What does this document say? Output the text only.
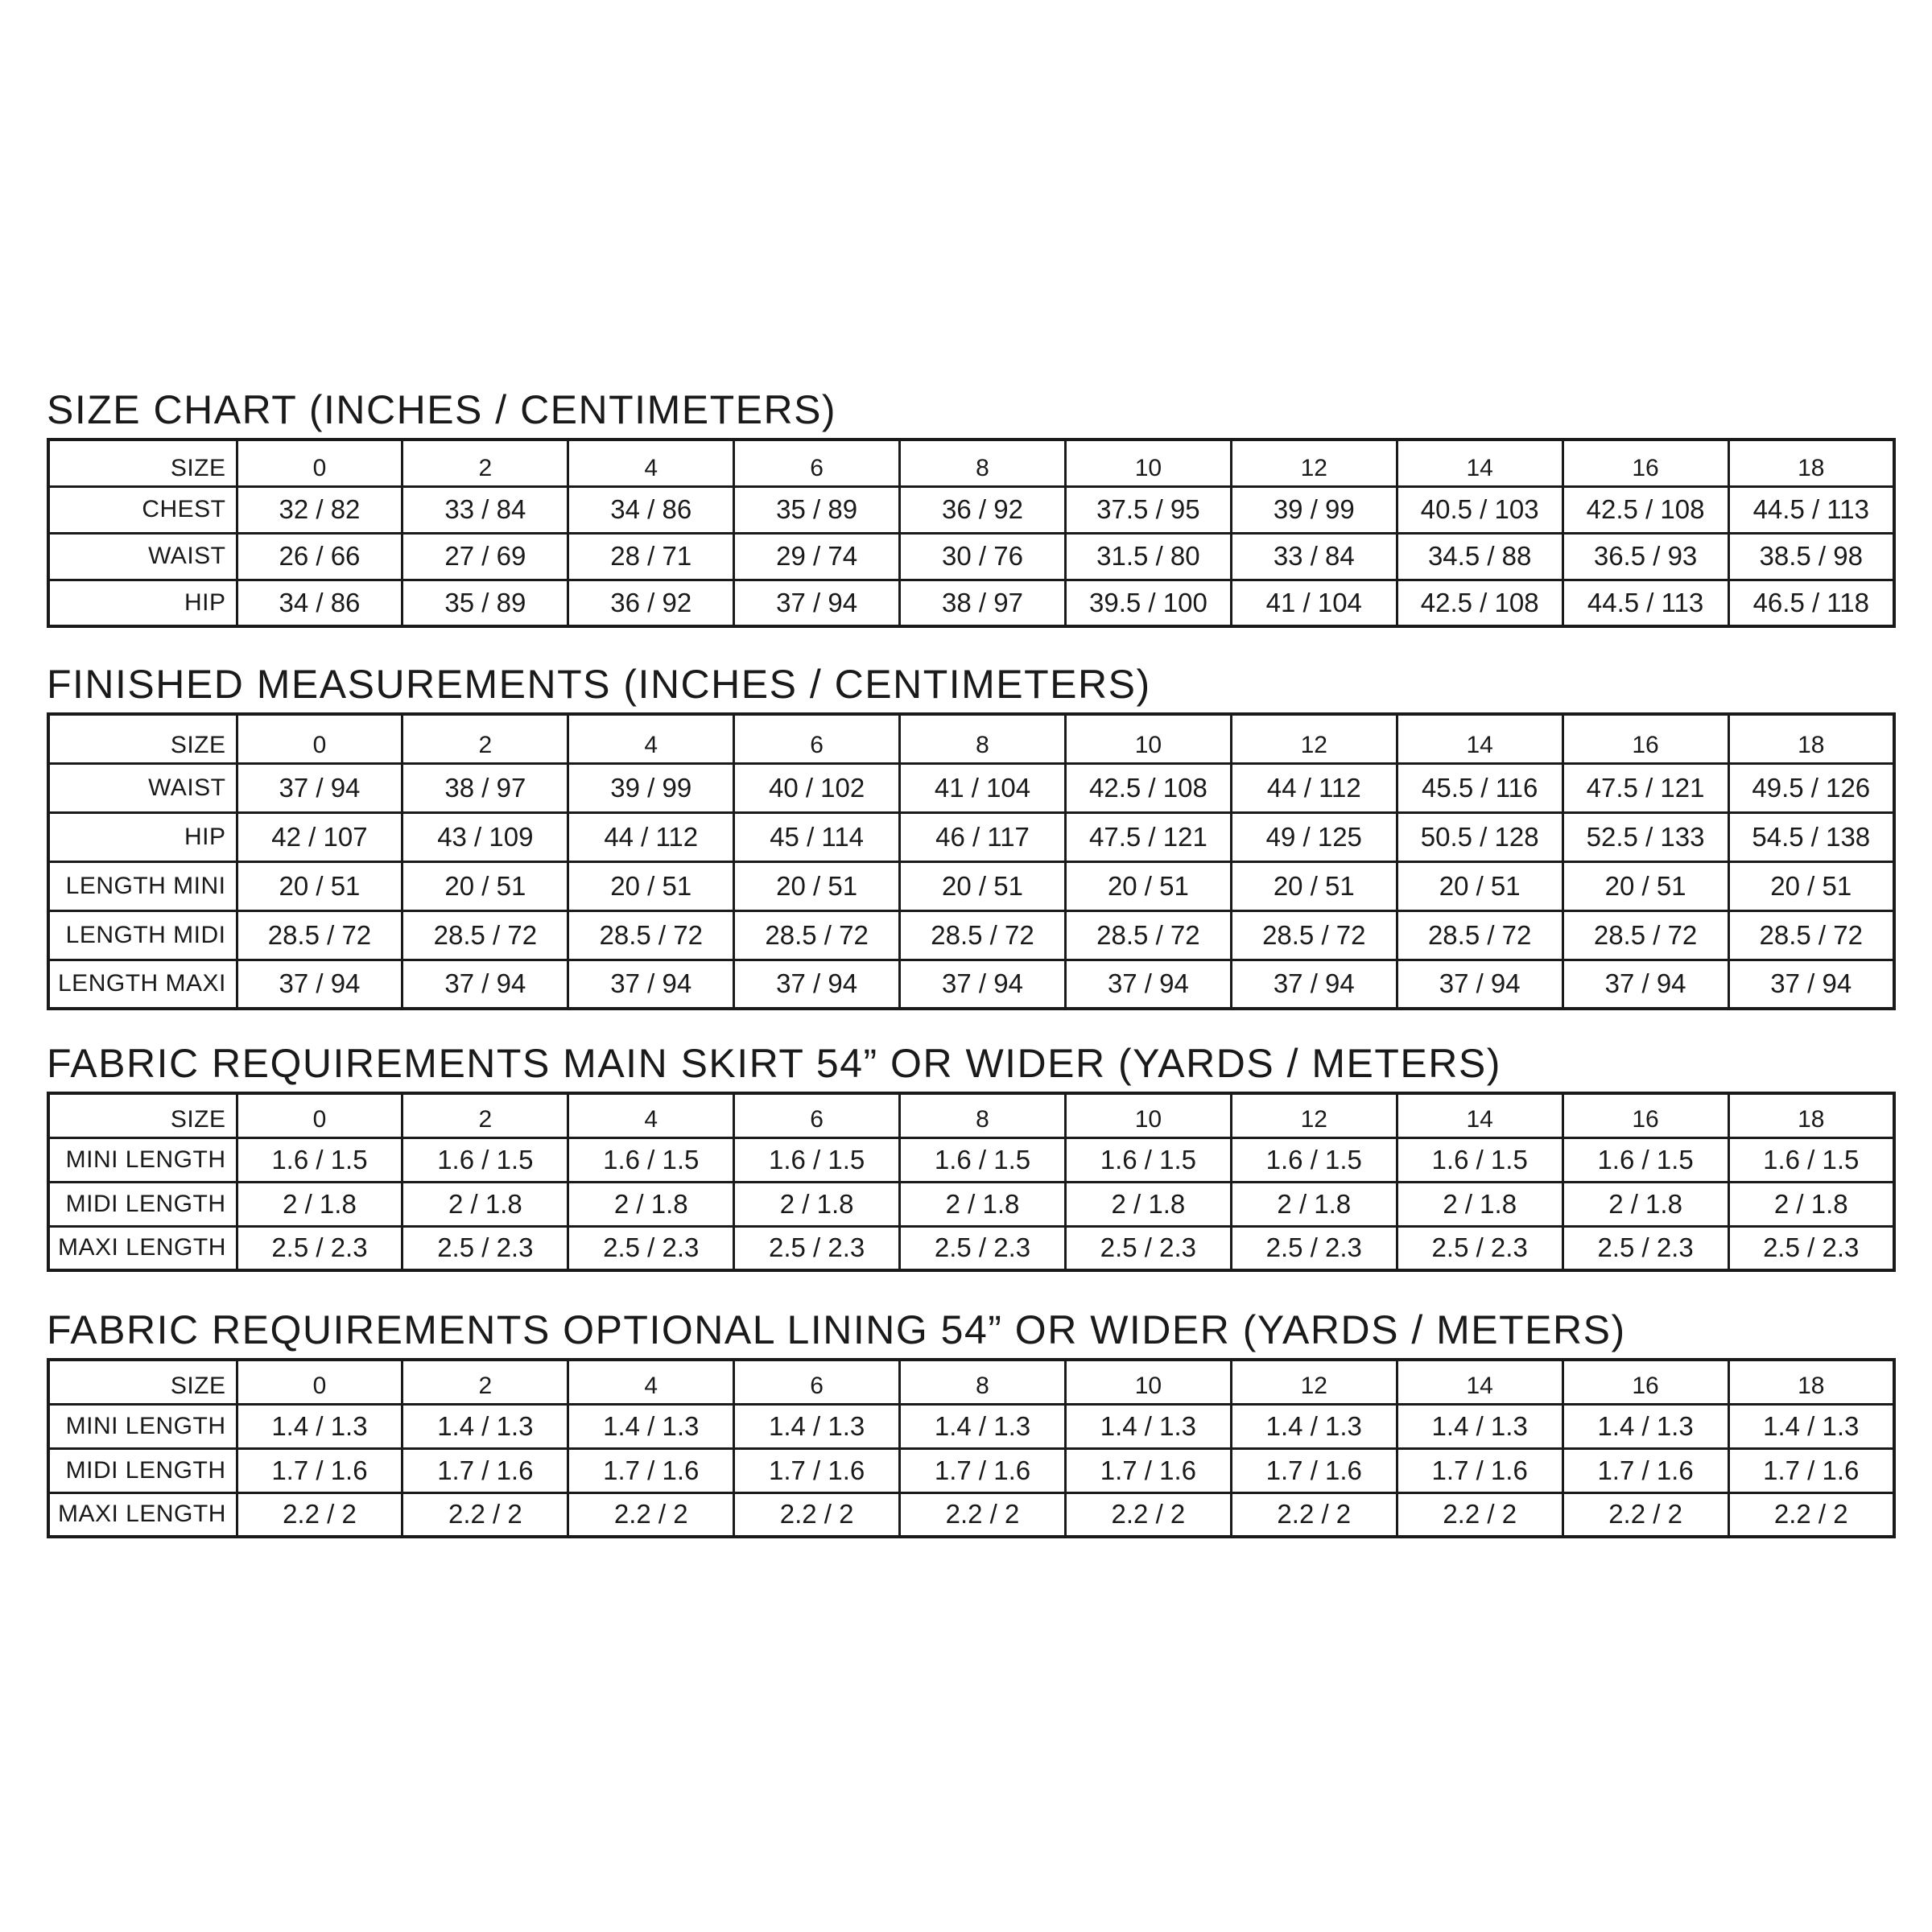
SIZE CHART (INCHES / CENTIMETERS)
SIZE	0	2	4	6	8	10	12	14	16	18
CHEST	32 / 82	33 / 84	34 / 86	35 / 89	36 / 92	37.5 / 95	39 / 99	40.5 / 103	42.5 / 108	44.5 / 113
WAIST	26 / 66	27 / 69	28 / 71	29 / 74	30 / 76	31.5 / 80	33 / 84	34.5 / 88	36.5 / 93	38.5 / 98
HIP	34 / 86	35 / 89	36 / 92	37 / 94	38 / 97	39.5 / 100	41 / 104	42.5 / 108	44.5 / 113	46.5 / 118
FINISHED MEASUREMENTS (INCHES / CENTIMETERS)
SIZE	0	2	4	6	8	10	12	14	16	18
WAIST	37 / 94	38 / 97	39 / 99	40 / 102	41 / 104	42.5 / 108	44 / 112	45.5 / 116	47.5 / 121	49.5 / 126
HIP	42 / 107	43 / 109	44 / 112	45 / 114	46 / 117	47.5 / 121	49 / 125	50.5 / 128	52.5 / 133	54.5 / 138
LENGTH MINI	20 / 51	20 / 51	20 / 51	20 / 51	20 / 51	20 / 51	20 / 51	20 / 51	20 / 51	20 / 51
LENGTH MIDI	28.5 / 72	28.5 / 72	28.5 / 72	28.5 / 72	28.5 / 72	28.5 / 72	28.5 / 72	28.5 / 72	28.5 / 72	28.5 / 72
LENGTH MAXI	37 / 94	37 / 94	37 / 94	37 / 94	37 / 94	37 / 94	37 / 94	37 / 94	37 / 94	37 / 94
FABRIC REQUIREMENTS MAIN SKIRT 54” OR WIDER (YARDS / METERS)
SIZE	0	2	4	6	8	10	12	14	16	18
MINI LENGTH	1.6 / 1.5	1.6 / 1.5	1.6 / 1.5	1.6 / 1.5	1.6 / 1.5	1.6 / 1.5	1.6 / 1.5	1.6 / 1.5	1.6 / 1.5	1.6 / 1.5
MIDI LENGTH	2 / 1.8	2 / 1.8	2 / 1.8	2 / 1.8	2 / 1.8	2 / 1.8	2 / 1.8	2 / 1.8	2 / 1.8	2 / 1.8
MAXI LENGTH	2.5 / 2.3	2.5 / 2.3	2.5 / 2.3	2.5 / 2.3	2.5 / 2.3	2.5 / 2.3	2.5 / 2.3	2.5 / 2.3	2.5 / 2.3	2.5 / 2.3
FABRIC REQUIREMENTS OPTIONAL LINING 54” OR WIDER (YARDS / METERS)
SIZE	0	2	4	6	8	10	12	14	16	18
MINI LENGTH	1.4 / 1.3	1.4 / 1.3	1.4 / 1.3	1.4 / 1.3	1.4 / 1.3	1.4 / 1.3	1.4 / 1.3	1.4 / 1.3	1.4 / 1.3	1.4 / 1.3
MIDI LENGTH	1.7 / 1.6	1.7 / 1.6	1.7 / 1.6	1.7 / 1.6	1.7 / 1.6	1.7 / 1.6	1.7 / 1.6	1.7 / 1.6	1.7 / 1.6	1.7 / 1.6
MAXI LENGTH	2.2 / 2	2.2 / 2	2.2 / 2	2.2 / 2	2.2 / 2	2.2 / 2	2.2 / 2	2.2 / 2	2.2 / 2	2.2 / 2
